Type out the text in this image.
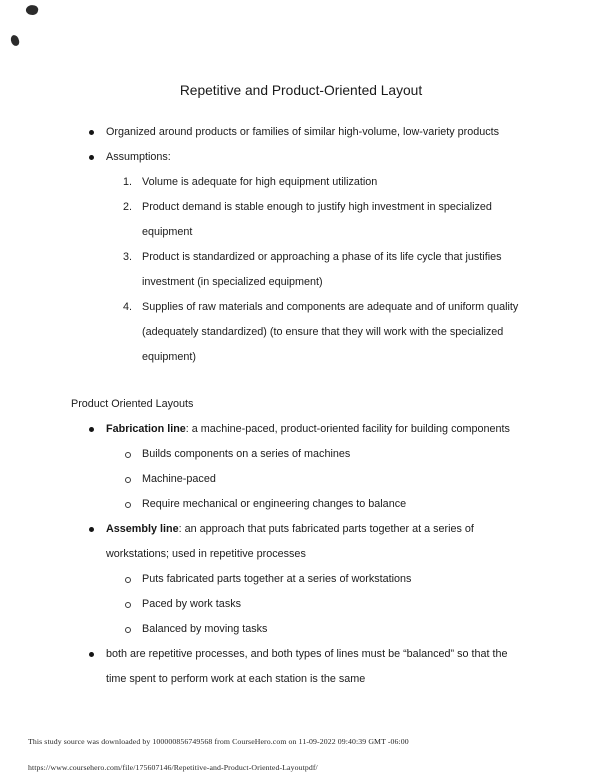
Repetitive and Product-Oriented Layout
Organized around products or families of similar high-volume, low-variety products
Assumptions:
1. Volume is adequate for high equipment utilization
2. Product demand is stable enough to justify high investment in specialized
equipment
3. Product is standardized or approaching a phase of its life cycle that justifies
investment (in specialized equipment)
4. Supplies of raw materials and components are adequate and of uniform quality
(adequately standardized) (to ensure that they will work with the specialized
equipment)
Product Oriented Layouts
Fabrication line: a machine-paced, product-oriented facility for building components
Builds components on a series of machines
Machine-paced
Require mechanical or engineering changes to balance
Assembly line: an approach that puts fabricated parts together at a series of
workstations; used in repetitive processes
Puts fabricated parts together at a series of workstations
Paced by work tasks
Balanced by moving tasks
both are repetitive processes, and both types of lines must be “balanced” so that the
time spent to perform work at each station is the same
This study source was downloaded by 100000856749568 from CourseHero.com on 11-09-2022 09:40:39 GMT -06:00
https://www.coursehero.com/file/175607146/Repetitive-and-Product-Oriented-Layoutpdf/
